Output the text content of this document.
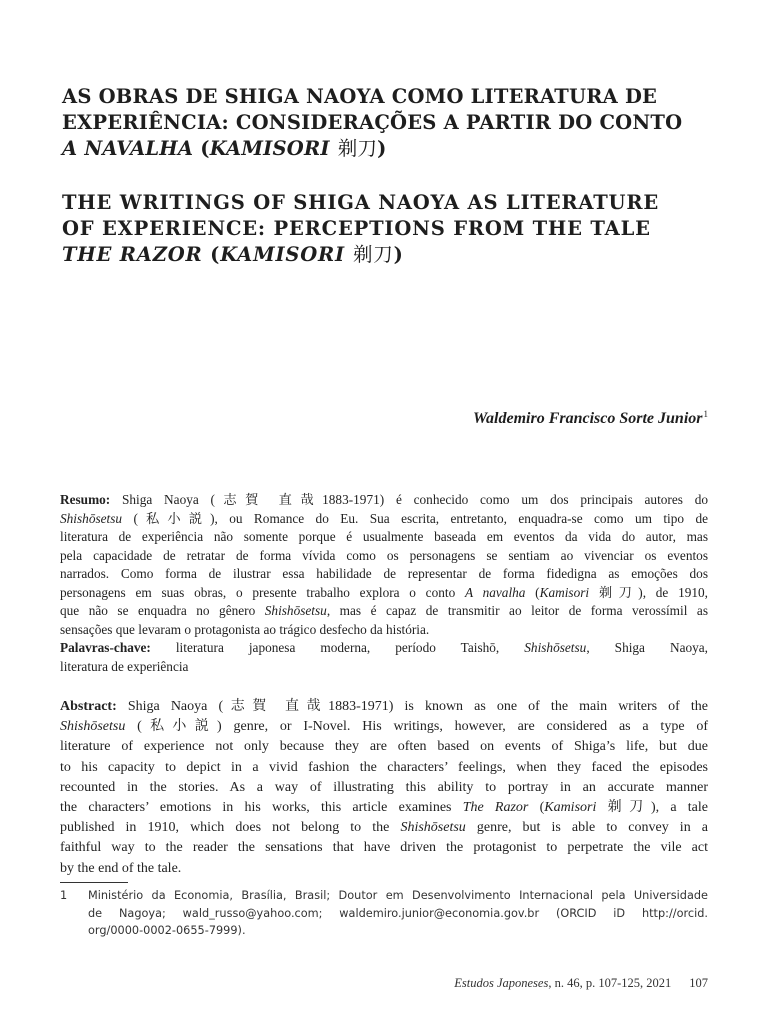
AS OBRAS DE SHIGA NAOYA COMO LITERATURA DE
EXPERIÊNCIA: CONSIDERAÇÕES A PARTIR DO CONTO
A NAVALHA (KAMISORI 剃刀)
THE WRITINGS OF SHIGA NAOYA AS LITERATURE
OF EXPERIENCE: PERCEPTIONS FROM THE TALE
THE RAZOR (KAMISORI 剃刀)
Waldemiro Francisco Sorte Junior$^1$
Resumo: Shiga Naoya (志賀 直哉1883-1971) é conhecido como um dos principais autores do
Shishōsetsu (私小説), ou Romance do Eu. Sua escrita, entretanto, enquadra-se como um tipo de
literatura de experiência não somente porque é usualmente baseada em eventos da vida do autor, mas
pela capacidade de retratar de forma vívida como os personagens se sentiam ao vivenciar os eventos
narrados. Como forma de ilustrar essa habilidade de representar de forma fidedigna as emoções dos
personagens em suas obras, o presente trabalho explora o conto A navalha (Kamisori 剃刀), de 1910,
que não se enquadra no gênero Shishōsetsu, mas é capaz de transmitir ao leitor de forma verossímil as
sensações que levaram o protagonista ao trágico desfecho da história.
Palavras-chave: literatura japonesa moderna, período Taishō, Shishōsetsu, Shiga Naoya,
literatura de experiência
Abstract: Shiga Naoya (志賀 直哉1883-1971) is known as one of the main writers of the
Shishōsetsu (私小説) genre, or I-Novel. His writings, however, are considered as a type of
literature of experience not only because they are often based on events of Shiga’s life, but due
to his capacity to depict in a vivid fashion the characters’ feelings, when they faced the episodes
recounted in the stories. As a way of illustrating this ability to portray in an accurate manner
the characters’ emotions in his works, this article examines The Razor (Kamisori 剃刀), a tale
published in 1910, which does not belong to the Shishōsetsu genre, but is able to convey in a
faithful way to the reader the sensations that have driven the protagonist to perpetrate the vile act
by the end of the tale.
1 Ministério da Economia, Brasília, Brasil; Doutor em Desenvolvimento Internacional pela Universidade
de Nagoya; wald_russo@yahoo.com; waldemiro.junior@economia.gov.br (ORCID iD http://orcid.
org/0000-0002-0655-7999).
Estudos Japoneses, n. 46, p. 107-125, 2021 107
